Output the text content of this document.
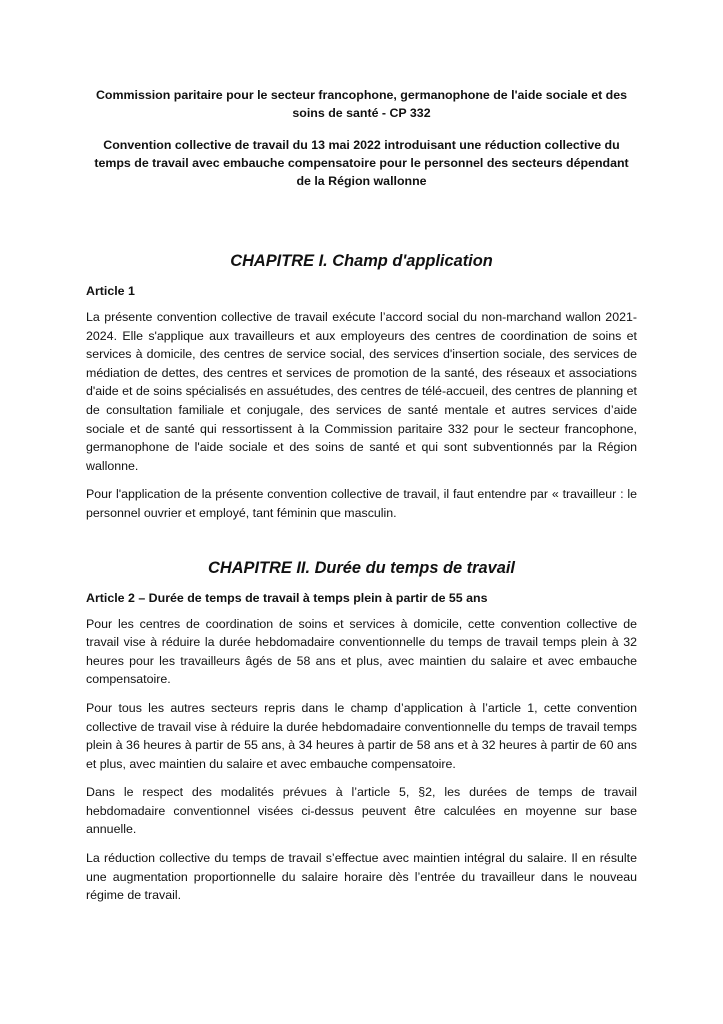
Commission paritaire pour le secteur francophone, germanophone de l'aide sociale et des soins de santé - CP 332

Convention collective de travail du 13 mai 2022 introduisant une réduction collective du temps de travail avec embauche compensatoire pour le personnel des secteurs dépendant de la Région wallonne

CHAPITRE I. Champ d'application
Article 1

La présente convention collective de travail exécute l’accord social du non-marchand wallon 2021-2024. Elle s'applique aux travailleurs et aux employeurs des centres de coordination de soins et services à domicile, des centres de service social, des services d'insertion sociale, des services de médiation de dettes, des centres et services de promotion de la santé, des réseaux et associations d'aide et de soins spécialisés en assuétudes, des centres de télé-accueil, des centres de planning et de consultation familiale et conjugale, des services de santé mentale et autres services d’aide sociale et de santé qui ressortissent à la Commission paritaire 332 pour le secteur francophone, germanophone de l'aide sociale et des soins de santé et qui sont subventionnés par la Région wallonne.

Pour l'application de la présente convention collective de travail, il faut entendre par « travailleur : le personnel ouvrier et employé, tant féminin que masculin.

CHAPITRE II. Durée du temps de travail
Article 2 – Durée de temps de travail à temps plein à partir de 55 ans

Pour les centres de coordination de soins et services à domicile, cette convention collective de travail vise à réduire la durée hebdomadaire conventionnelle du temps de travail temps plein à 32 heures pour les travailleurs âgés de 58 ans et plus, avec maintien du salaire et avec embauche compensatoire.

Pour tous les autres secteurs repris dans le champ d’application à l’article 1, cette convention collective de travail vise à réduire la durée hebdomadaire conventionnelle du temps de travail temps plein à 36 heures à partir de 55 ans, à 34 heures à partir de 58 ans et à 32 heures à partir de 60 ans et plus, avec maintien du salaire et avec embauche compensatoire.

Dans le respect des modalités prévues à l’article 5, §2, les durées de temps de travail hebdomadaire conventionnel visées ci-dessus peuvent être calculées en moyenne sur base annuelle.

La réduction collective du temps de travail s’effectue avec maintien intégral du salaire. Il en résulte une augmentation proportionnelle du salaire horaire dès l’entrée du travailleur dans le nouveau régime de travail.
